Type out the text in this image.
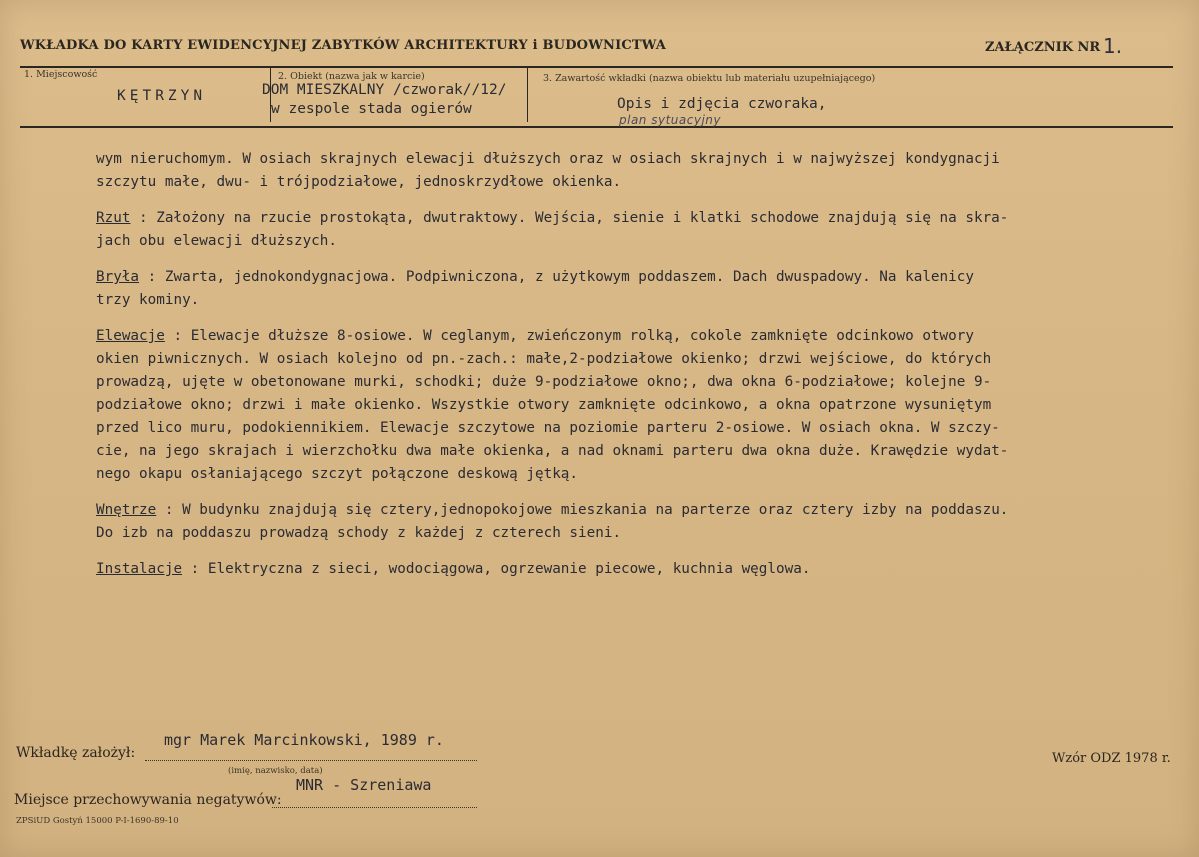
WKŁADKA DO KARTY EWIDENCYJNEJ ZABYTKÓW ARCHITEKTURY i BUDOWNICTWA	ZAŁĄCZNIK NR 1.
1. Miejscowość
KĘTRZYN
2. Obiekt (nazwa jak w karcie)
DOM MIESZKALNY /czworak//12/
w zespole stada ogierów
3. Zawartość wkładki (nazwa obiektu lub materiału uzupełniającego)
Opis i zdjęcia czworaka,
plan sytuacyjny
wym nieruchomym. W osiach skrajnych elewacji dłuższych oraz w osiach skrajnych i w najwyższej kondygnacji
szczytu małe, dwu- i trójpodziałowe, jednoskrzydłowe okienka.
Rzut : Założony na rzucie prostokąta, dwutraktowy. Wejścia, sienie i klatki schodowe znajdują się na skra-
jach obu elewacji dłuższych.
Bryła : Zwarta, jednokondygnacjowa. Podpiwniczona, z użytkowym poddaszem. Dach dwuspadowy. Na kalenicy
trzy kominy.
Elewacje : Elewacje dłuższe 8-osiowe. W ceglanym, zwieńczonym rolką, cokole zamknięte odcinkowo otwory
okien piwnicznych. W osiach kolejno od pn.-zach.: małe,2-podziałowe okienko; drzwi wejściowe, do których
prowadzą, ujęte w obetonowane murki, schodki; duże 9-podziałowe okno;, dwa okna 6-podziałowe; kolejne 9-
podziałowe okno; drzwi i małe okienko. Wszystkie otwory zamknięte odcinkowo, a okna opatrzone wysuniętym
przed lico muru, podokiennikiem. Elewacje szczytowe na poziomie parteru 2-osiowe. W osiach okna. W szczy-
cie, na jego skrajach i wierzchołku dwa małe okienka, a nad oknami parteru dwa okna duże. Krawędzie wydat-
nego okapu osłaniającego szczyt połączone deskową jętką.
Wnętrze : W budynku znajdują się cztery,jednopokojowe mieszkania na parterze oraz cztery izby na poddaszu.
Do izb na poddaszu prowadzą schody z każdej z czterech sieni.
Instalacje : Elektryczna z sieci, wodociągowa, ogrzewanie piecowe, kuchnia węglowa.
mgr Marek Marcinkowski, 1989 r.
Wkładkę założył:
(imię, nazwisko, data)
MNR - Szreniawa
Miejsce przechowywania negatywów:
Wzór ODZ 1978 r.
ZPSiUD Gostyń 15000 P-I-1690-89-10
